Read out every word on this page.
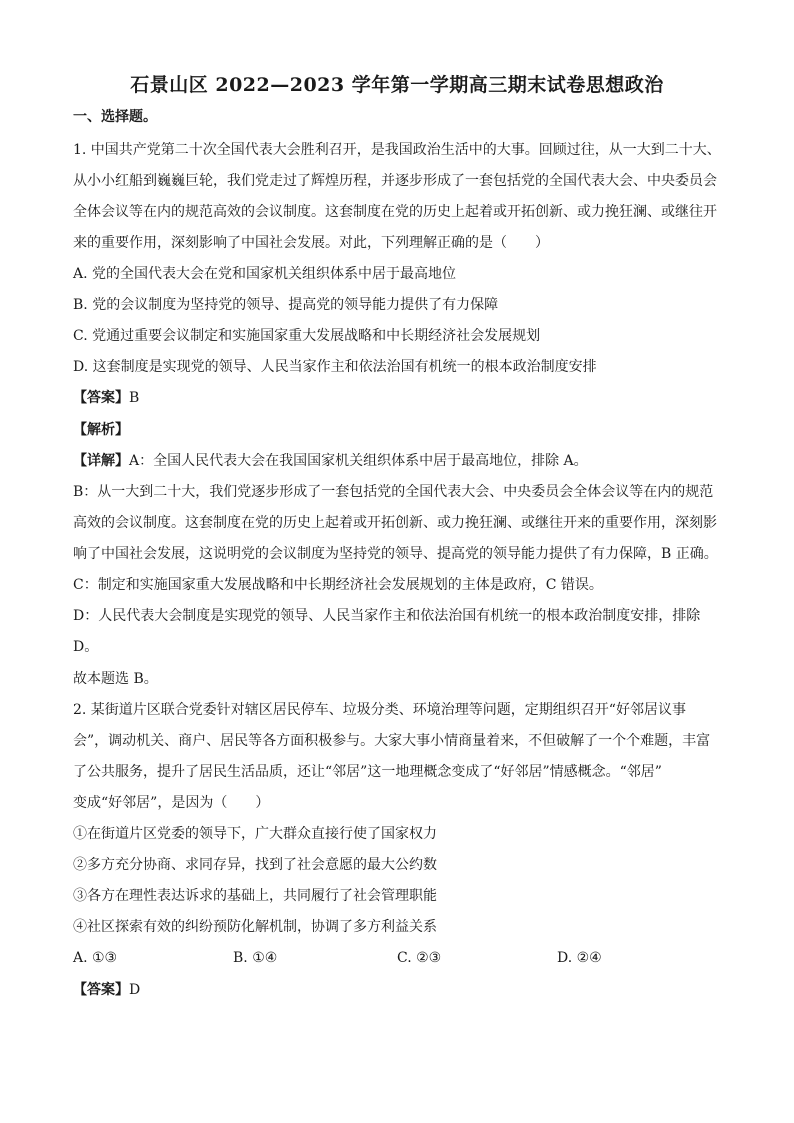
石景山区 2022—2023 学年第一学期高三期末试卷思想政治
一、选择题。
1. 中国共产党第二十次全国代表大会胜利召开，是我国政治生活中的大事。回顾过往，从一大到二十大、
从小小红船到巍巍巨轮，我们党走过了辉煌历程，并逐步形成了一套包括党的全国代表大会、中央委员会
全体会议等在内的规范高效的会议制度。这套制度在党的历史上起着或开拓创新、或力挽狂澜、或继往开
来的重要作用，深刻影响了中国社会发展。对此，下列理解正确的是（　　）
A. 党的全国代表大会在党和国家机关组织体系中居于最高地位
B. 党的会议制度为坚持党的领导、提高党的领导能力提供了有力保障
C. 党通过重要会议制定和实施国家重大发展战略和中长期经济社会发展规划
D. 这套制度是实现党的领导、人民当家作主和依法治国有机统一的根本政治制度安排
【答案】B
【解析】
【详解】A：全国人民代表大会在我国国家机关组织体系中居于最高地位，排除 A。
B：从一大到二十大，我们党逐步形成了一套包括党的全国代表大会、中央委员会全体会议等在内的规范
高效的会议制度。这套制度在党的历史上起着或开拓创新、或力挽狂澜、或继往开来的重要作用，深刻影
响了中国社会发展，这说明党的会议制度为坚持党的领导、提高党的领导能力提供了有力保障，B 正确。
C：制定和实施国家重大发展战略和中长期经济社会发展规划的主体是政府，C 错误。
D：人民代表大会制度是实现党的领导、人民当家作主和依法治国有机统一的根本政治制度安排，排除
D。
故本题选 B。
2. 某街道片区联合党委针对辖区居民停车、垃圾分类、环境治理等问题，定期组织召开“好邻居议事
会”，调动机关、商户、居民等各方面积极参与。大家大事小情商量着来，不但破解了一个个难题，丰富
了公共服务，提升了居民生活品质，还让“邻居”这一地理概念变成了“好邻居”情感概念。“邻居”
变成“好邻居”，是因为（　　）
①在街道片区党委的领导下，广大群众直接行使了国家权力
②多方充分协商、求同存异，找到了社会意愿的最大公约数
③各方在理性表达诉求的基础上，共同履行了社会管理职能
④社区探索有效的纠纷预防化解机制，协调了多方利益关系
A. ①③	B. ①④	C. ②③	D. ②④
【答案】D
